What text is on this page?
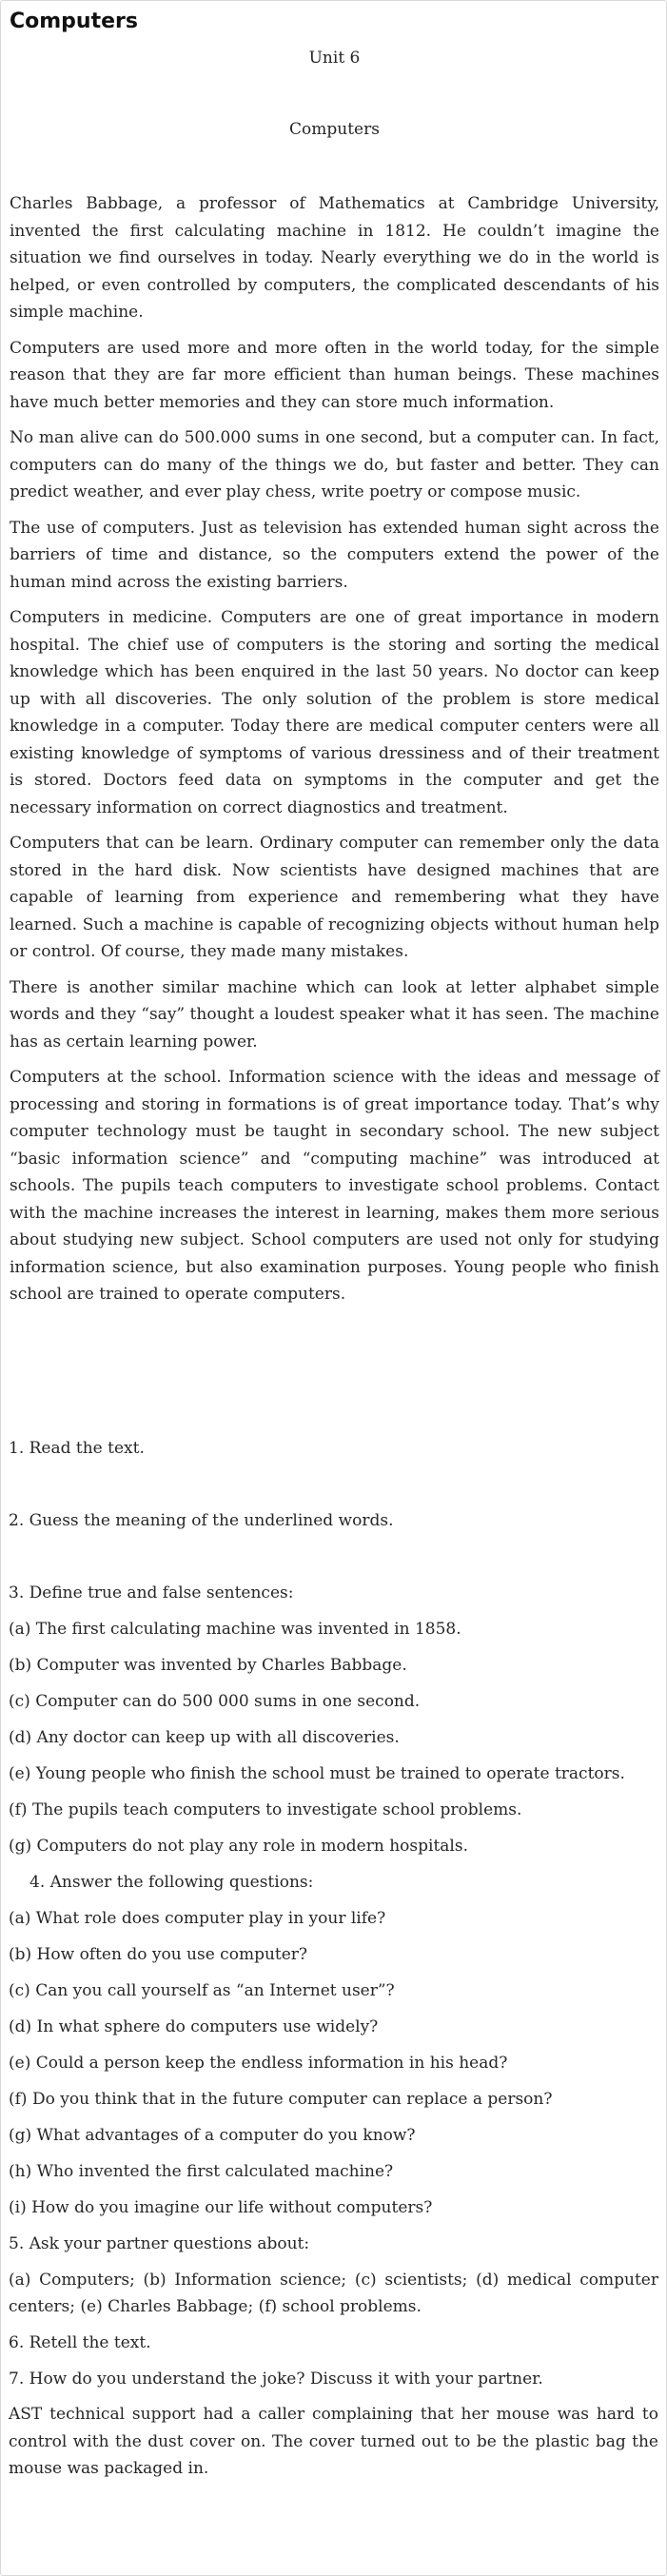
Computers
Unit 6
Computers

Charles Babbage, a professor of Mathematics at Cambridge University, invented the first calculating machine in 1812. He couldn’t imagine the situation we find ourselves in today. Nearly everything we do in the world is helped, or even controlled by computers, the complicated descendants of his simple machine.

Computers are used more and more often in the world today, for the simple reason that they are far more efficient than human beings. These machines have much better memories and they can store much information.

No man alive can do 500.000 sums in one second, but a computer can. In fact, computers can do many of the things we do, but faster and better. They can predict weather, and ever play chess, write poetry or compose music.

The use of computers. Just as television has extended human sight across the barriers of time and distance, so the computers extend the power of the human mind across the existing barriers.

Computers in medicine. Computers are one of great importance in modern hospital. The chief use of computers is the storing and sorting the medical knowledge which has been enquired in the last 50 years. No doctor can keep up with all discoveries. The only solution of the problem is store medical knowledge in a computer. Today there are medical computer centers were all existing knowledge of symptoms of various dressiness and of their treatment is stored. Doctors feed data on symptoms in the computer and get the necessary information on correct diagnostics and treatment.

Computers that can be learn. Ordinary computer can remember only the data stored in the hard disk. Now scientists have designed machines that are capable of learning from experience and remembering what they have learned. Such a machine is capable of recognizing objects without human help or control. Of course, they made many mistakes.

There is another similar machine which can look at letter alphabet simple words and they “say” thought a loudest speaker what it has seen. The machine has as certain learning power.

Computers at the school. Information science with the ideas and message of processing and storing in formations is of great importance today. That’s why computer technology must be taught in secondary school. The new subject “basic information science” and “computing machine” was introduced at schools. The pupils teach computers to investigate school problems. Contact with the machine increases the interest in learning, makes them more serious about studying new subject. School computers are used not only for studying information science, but also examination purposes. Young people who finish school are trained to operate computers.

1. Read the text.

2. Guess the meaning of the underlined words.

3. Define true and false sentences:

(a) The first calculating machine was invented in 1858.

(b) Computer was invented by Charles Babbage.

(c) Computer can do 500 000 sums in one second.

(d) Any doctor can keep up with all discoveries.

(e) Young people who finish the school must be trained to operate tractors.

(f) The pupils teach computers to investigate school problems.

(g) Computers do not play any role in modern hospitals.

4. Answer the following questions:

(a) What role does computer play in your life?

(b) How often do you use computer?

(c) Can you call yourself as “an Internet user”?

(d) In what sphere do computers use widely?

(e) Could a person keep the endless information in his head?

(f) Do you think that in the future computer can replace a person?

(g) What advantages of a computer do you know?

(h) Who invented the first calculated machine?

(i) How do you imagine our life without computers?

5. Ask your partner questions about:

(a) Computers; (b) Information science; (c) scientists; (d) medical computer centers; (e) Charles Babbage; (f) school problems.

6. Retell the text.

7. How do you understand the joke? Discuss it with your partner.

AST technical support had a caller complaining that her mouse was hard to control with the dust cover on. The cover turned out to be the plastic bag the mouse was packaged in.
